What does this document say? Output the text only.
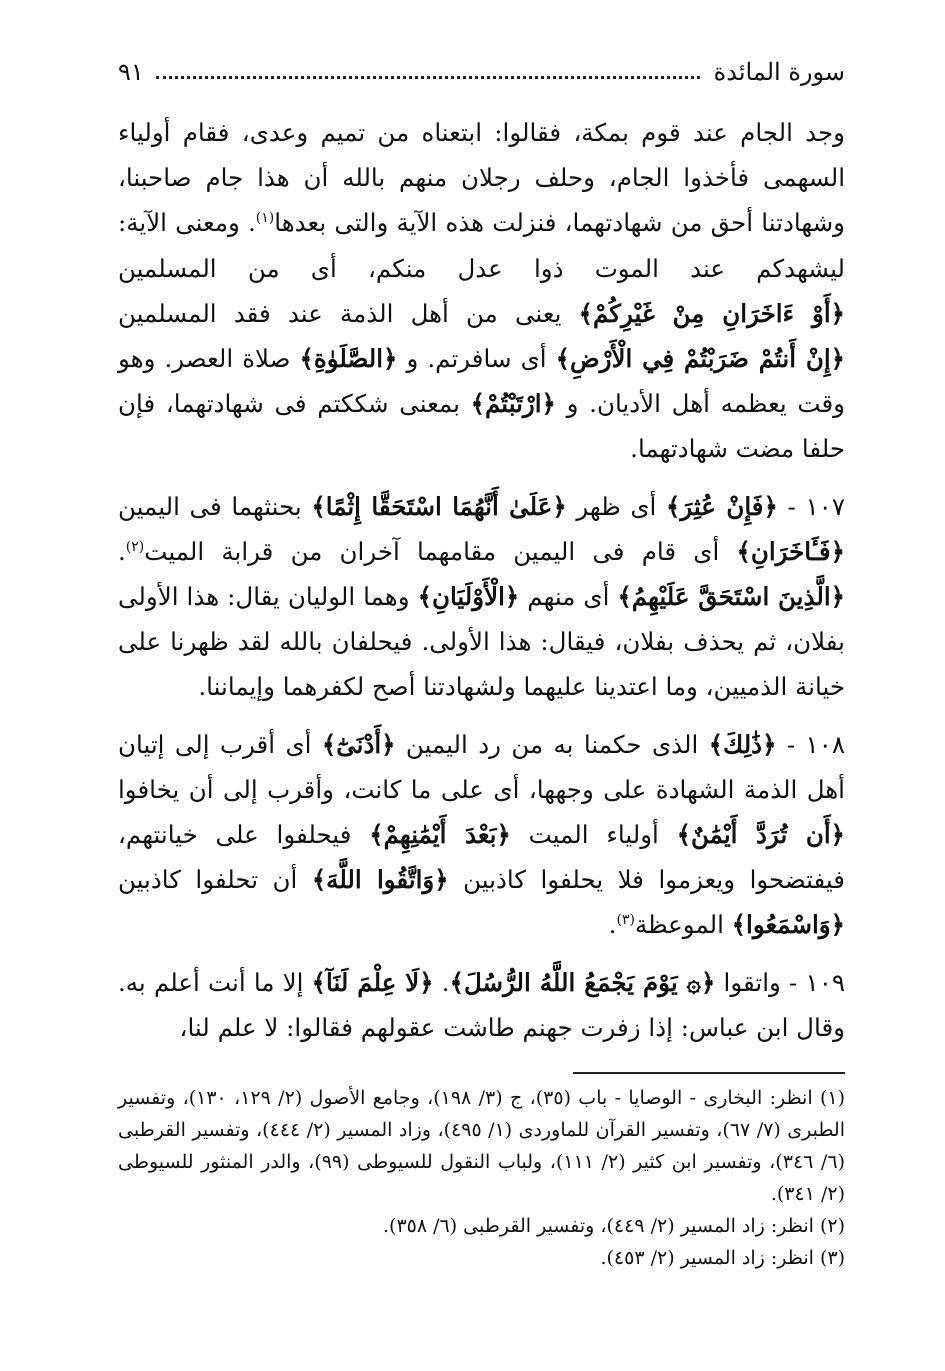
سورة المائدة
٩١

وجد الجام عند قوم بمكة، فقالوا: ابتعناه من تميم وعدى، فقام أولياء السهمى فأخذوا الجام، وحلف رجلان منهم بالله أن هذا جام صاحبنا، وشهادتنا أحق من شهادتهما، فنزلت هذه الآية والتى بعدها$^{(١)}$. ومعنى الآية: ليشهدكم عند الموت ذوا عدل منكم، أى من المسلمين ﴿أَوْ ءَاخَرَانِ مِنْ غَيْرِكُمْ﴾ يعنى من أهل الذمة عند فقد المسلمين ﴿إِنْ أَنتُمْ ضَرَبْتُمْ فِي الْأَرْضِ﴾ أى سافرتم. و ﴿الصَّلَوٰةِ﴾ صلاة العصر. وهو وقت يعظمه أهل الأديان. و ﴿ارْتَبْتُمْ﴾ بمعنى شككتم فى شهادتهما، فإن حلفا مضت شهادتهما.

١٠٧ - ﴿فَإِنْ عُثِرَ﴾ أى ظهر ﴿عَلَىٰ أَنَّهُمَا اسْتَحَقَّا إِثْمًا﴾ بحنثهما فى اليمين ﴿فَـَٔاخَرَانِ﴾ أى قام فى اليمين مقامهما آخران من قرابة الميت$^{(٢)}$. ﴿الَّذِينَ اسْتَحَقَّ عَلَيْهِمُ﴾ أى منهم ﴿الْأَوْلَيَانِ﴾ وهما الوليان يقال: هذا الأولى بفلان، ثم يحذف بفلان، فيقال: هذا الأولى. فيحلفان بالله لقد ظهرنا على خيانة الذميين، وما اعتدينا عليهما ولشهادتنا أصح لكفرهما وإيماننا.

١٠٨ - ﴿ذَٰلِكَ﴾ الذى حكمنا به من رد اليمين ﴿أَدْنَىٰٓ﴾ أى أقرب إلى إتيان أهل الذمة الشهادة على وجهها، أى على ما كانت، وأقرب إلى أن يخافوا ﴿أَن تُرَدَّ أَيْمَٰنٌ﴾ أولياء الميت ﴿بَعْدَ أَيْمَٰنِهِمْ﴾ فيحلفوا على خيانتهم، فيفتضحوا ويعزموا فلا يحلفوا كاذبين ﴿وَاتَّقُوا اللَّهَ﴾ أن تحلفوا كاذبين ﴿وَاسْمَعُوا﴾ الموعظة$^{(٣)}$.

١٠٩ - واتقوا ﴿۞ يَوْمَ يَجْمَعُ اللَّهُ الرُّسُلَ﴾. ﴿لَا عِلْمَ لَنَآ﴾ إلا ما أنت أعلم به. وقال ابن عباس: إذا زفرت جهنم طاشت عقولهم فقالوا: لا علم لنا،

(١) انظر: البخارى - الوصايا - باب (٣٥)، ج (٣/ ١٩٨)، وجامع الأصول (٢/ ١٢٩، ١٣٠)، وتفسير الطبرى (٧/ ٦٧)، وتفسير القرآن للماوردى (١/ ٤٩٥)، وزاد المسير (٢/ ٤٤٤)، وتفسير القرطبى (٦/ ٣٤٦)، وتفسير ابن كثير (٢/ ١١١)، ولباب النقول للسيوطى (٩٩)، والدر المنثور للسيوطى (٢/ ٣٤١).

(٢) انظر: زاد المسير (٢/ ٤٤٩)، وتفسير القرطبى (٦/ ٣٥٨).

(٣) انظر: زاد المسير (٢/ ٤٥٣).
